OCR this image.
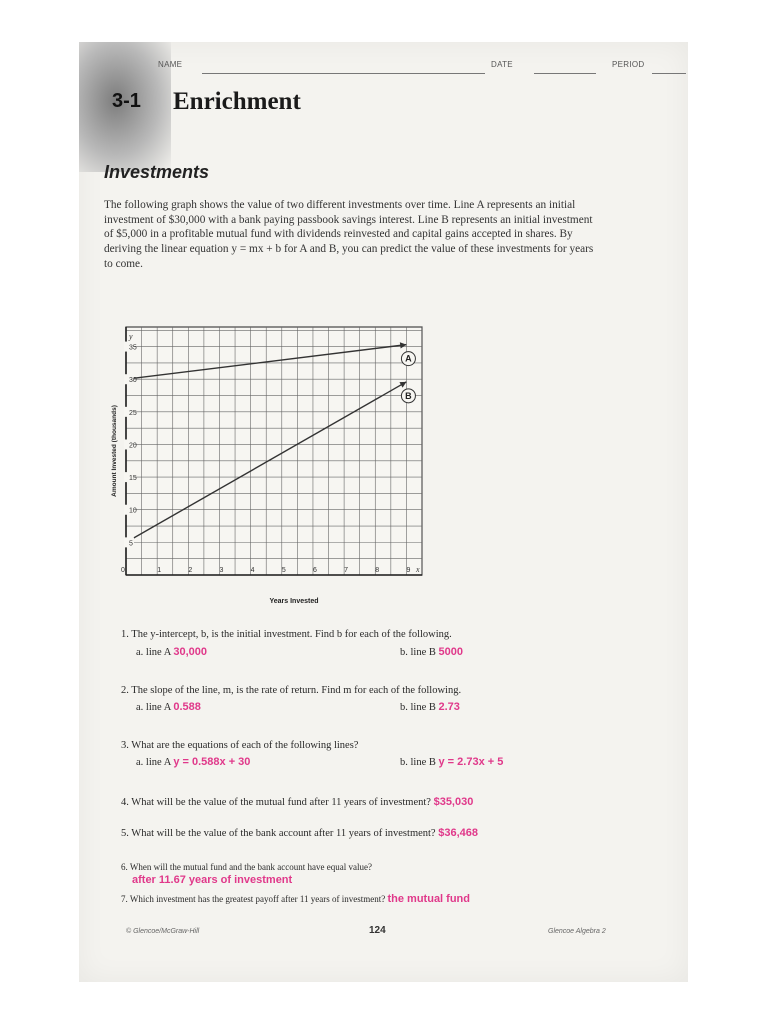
NAME	DATE	PERIOD
3-1 Enrichment
Investments
The following graph shows the value of two different investments over time. Line A represents an initial investment of $30,000 with a bank paying passbook savings interest. Line B represents an initial investment of $5,000 in a profitable mutual fund with dividends reinvested and capital gains accepted in shares. By deriving the linear equation y = mx + b for A and B, you can predict the value of these investments for years to come.
A
B
5
10
15
20
25
30
35
0	1	2	3	4	5	6	7	8	9
y
x
Years Invested
Amount Invested (thousands)
1. The y-intercept, b, is the initial investment. Find b for each of the following.
a. line A 30,000	b. line B 5000
2. The slope of the line, m, is the rate of return. Find m for each of the following.
a. line A 0.588	b. line B 2.73
3. What are the equations of each of the following lines?
a. line A y = 0.588x + 30	b. line B y = 2.73x + 5
4. What will be the value of the mutual fund after 11 years of investment? $35,030
5. What will be the value of the bank account after 11 years of investment? $36,468
6. When will the mutual fund and the bank account have equal value?
after 11.67 years of investment
7. Which investment has the greatest payoff after 11 years of investment? the mutual fund
© Glencoe/McGraw-Hill	124	Glencoe Algebra 2
